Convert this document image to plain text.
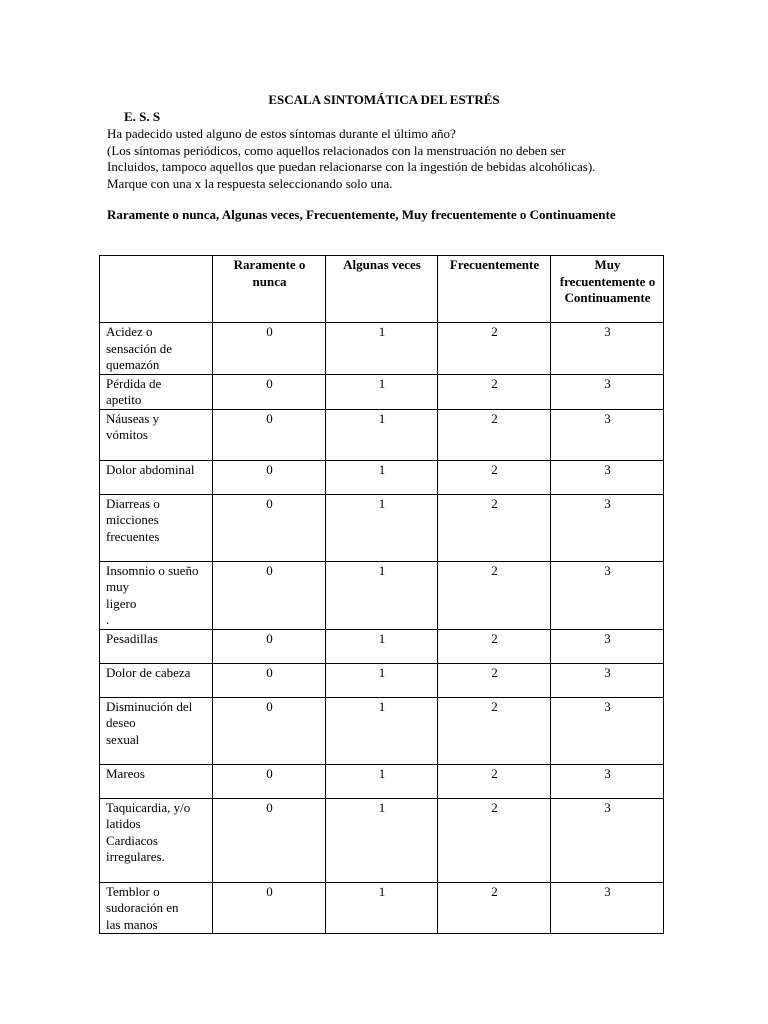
ESCALA SINTOMÁTICA DEL ESTRÉS
E. S. S
Ha padecido usted alguno de estos síntomas durante el último año?
(Los síntomas periódicos, como aquellos relacionados con la menstruación no deben ser
Incluidos, tampoco aquellos que puedan relacionarse con la ingestión de bebidas alcohólicas).
Marque con una x la respuesta seleccionando solo una.
Raramente o nunca, Algunas veces, Frecuentemente, Muy frecuentemente o Continuamente
	Raramente o nunca	Algunas veces	Frecuentemente	Muy frecuentemente o Continuamente
Acidez o
sensación de
quemazón	0	1	2	3
Pérdida de
apetito	0	1	2	3
Náuseas y
vómitos	0	1	2	3
Dolor abdominal	0	1	2	3
Diarreas o
micciones
frecuentes	0	1	2	3
Insomnio o sueño
muy
ligero
.	0	1	2	3
Pesadillas	0	1	2	3
Dolor de cabeza	0	1	2	3
Disminución del
deseo
sexual	0	1	2	3
Mareos	0	1	2	3
Taquicardia, y/o
latidos
Cardiacos
irregulares.	0	1	2	3
Temblor o
sudoración en
las manos	0	1	2	3
